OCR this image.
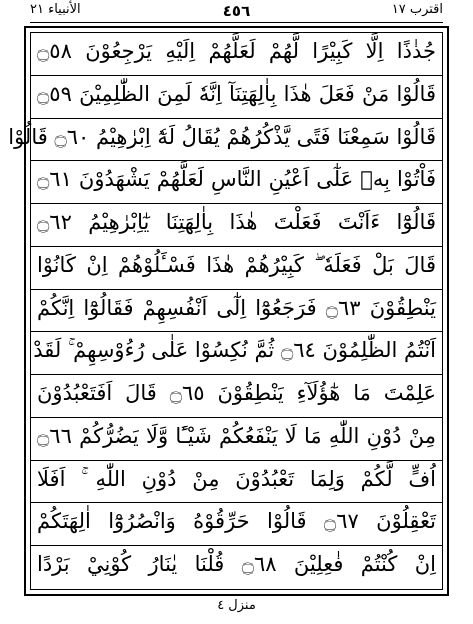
الأنبياء ٢١	٤٥٦	اقترب ١٧
جُذٰذًا اِلَّا كَبِيْرًا لَّهُمْ لَعَلَّهُمْ اِلَيْهِ يَرْجِعُوْنَ ۝٥٨
قَالُوْا مَنْ فَعَلَ هٰذَا بِاٰلِهَتِنَآ اِنَّهٗ لَمِنَ الظّٰلِمِيْنَ ۝٥٩
قَالُوْا سَمِعْنَا فَتًى يَّذْكُرُهُمْ يُقَالُ لَهٗٓ اِبْرٰهِيْمُ ۝٦٠ قَالُوْا
فَاْتُوْا بِهٖ عَلٰٓى اَعْيُنِ النَّاسِ لَعَلَّهُمْ يَشْهَدُوْنَ ۝٦١
قَالُوْٓا ءَاَنْتَ فَعَلْتَ هٰذَا بِاٰلِهَتِنَا يٰٓاِبْرٰهِيْمُ ۝٦٢
قَالَ بَلْ فَعَلَهٗ ۖ كَبِيْرُهُمْ هٰذَا فَسْـَٔلُوْهُمْ اِنْ كَانُوْا
يَنْطِقُوْنَ ۝٦٣ فَرَجَعُوْٓا اِلٰٓى اَنْفُسِهِمْ فَقَالُوْٓا اِنَّكُمْ
اَنْتُمُ الظّٰلِمُوْنَ ۝٦٤ ثُمَّ نُكِسُوْا عَلٰى رُءُوْسِهِمْ ۚ لَقَدْ
عَلِمْتَ مَا هٰٓؤُلَآءِ يَنْطِقُوْنَ ۝٦٥ قَالَ اَفَتَعْبُدُوْنَ
مِنْ دُوْنِ اللّٰهِ مَا لَا يَنْفَعُكُمْ شَيْـًٔا وَّلَا يَضُرُّكُمْ ۝٦٦
اُفٍّ لَّكُمْ وَلِمَا تَعْبُدُوْنَ مِنْ دُوْنِ اللّٰهِ ۚ اَفَلَا
تَعْقِلُوْنَ ۝٦٧ قَالُوْا حَرِّقُوْهُ وَانْصُرُوْٓا اٰلِهَتَكُمْ
اِنْ كُنْتُمْ فٰعِلِيْنَ ۝٦٨ قُلْنَا يٰنَارُ كُوْنِيْ بَرْدًا
منزل ٤
